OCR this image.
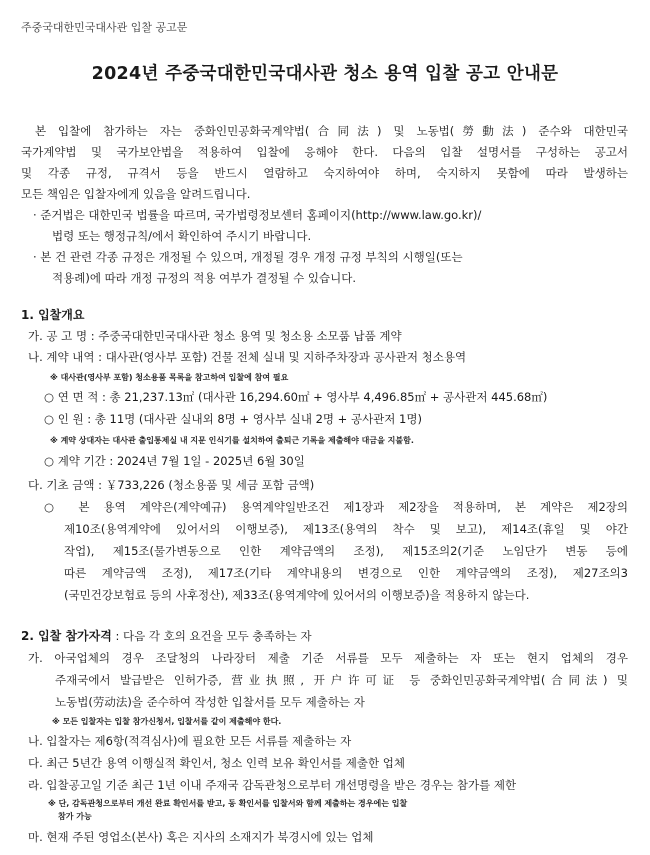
주중국대한민국대사관 입찰 공고문
2024년 주중국대한민국대사관 청소 용역 입찰 공고 안내문
본 입찰에 참가하는 자는 중화인민공화국계약법(合同法) 및 노동법(勞動法) 준수와 대한민국
국가계약법 및 국가보안법을 적용하여 입찰에 응해야 한다. 다음의 입찰 설명서를 구성하는 공고서
및 각종 규정, 규격서 등을 반드시 열람하고 숙지하여야 하며, 숙지하지 못함에 따라 발생하는
모든 책임은 입찰자에게 있음을 알려드립니다.
· 준거법은 대한민국 법률을 따르며, 국가법령정보센터 홈페이지(http://www.law.go.kr)/
법령 또는 행정규칙/에서 확인하여 주시기 바랍니다.
· 본 건 관련 각종 규정은 개정될 수 있으며, 개정될 경우 개정 규정 부칙의 시행일(또는
적용례)에 따라 개정 규정의 적용 여부가 결정될 수 있습니다.
1. 입찰개요
가. 공 고 명 : 주중국대한민국대사관 청소 용역 및 청소용 소모품 납품 계약
나. 계약 내역 : 대사관(영사부 포함) 건물 전체 실내 및 지하주차장과 공사관저 청소용역
※ 대사관(영사부 포함) 청소용품 목록을 참고하여 입찰에 참여 필요
○ 연 면 적 : 총 21,237.13㎡ (대사관 16,294.60㎡ + 영사부 4,496.85㎡ + 공사관저 445.68㎡)
○ 인 원 : 총 11명 (대사관 실내외 8명 + 영사부 실내 2명 + 공사관저 1명)
※ 계약 상대자는 대사관 출입통제실 내 지문 인식기를 설치하여 출퇴근 기록을 제출해야 대금을 지불함.
○ 계약 기간 : 2024년 7월 1일 - 2025년 6월 30일
다. 기초 금액 : ￥733,226 (청소용품 및 세금 포함 금액)
○ 본 용역 계약은(계약예규) 용역계약일반조건 제1장과 제2장을 적용하며, 본 계약은 제2장의
제10조(용역계약에 있어서의 이행보증), 제13조(용역의 착수 및 보고), 제14조(휴일 및 야간
작업), 제15조(물가변동으로 인한 계약금액의 조정), 제15조의2(기준 노임단가 변동 등에
따른 계약금액 조정), 제17조(기타 계약내용의 변경으로 인한 계약금액의 조정), 제27조의3
(국민건강보험료 등의 사후정산), 제33조(용역계약에 있어서의 이행보증)을 적용하지 않는다.
2. 입찰 참가자격 : 다음 각 호의 요건을 모두 충족하는 자
가. 아국업체의 경우 조달청의 나라장터 제출 기준 서류를 모두 제출하는 자 또는 현지 업체의 경우
주재국에서 발급받은 인허가증, 营业执照, 开户许可证 등 중화인민공화국계약법(合同法) 및
노동법(劳动法)을 준수하여 작성한 입찰서를 모두 제출하는 자
※ 모든 입찰자는 입찰 참가신청서, 입찰서를 같이 제출해야 한다.
나. 입찰자는 제6항(적격심사)에 필요한 모든 서류를 제출하는 자
다. 최근 5년간 용역 이행실적 확인서, 청소 인력 보유 확인서를 제출한 업체
라. 입찰공고일 기준 최근 1년 이내 주재국 감독관청으로부터 개선명령을 받은 경우는 참가를 제한
※ 단, 감독관청으로부터 개선 완료 확인서를 받고, 동 확인서를 입찰서와 함께 제출하는 경우에는 입찰
참가 가능
마. 현재 주된 영업소(본사) 혹은 지사의 소재지가 북경시에 있는 업체
